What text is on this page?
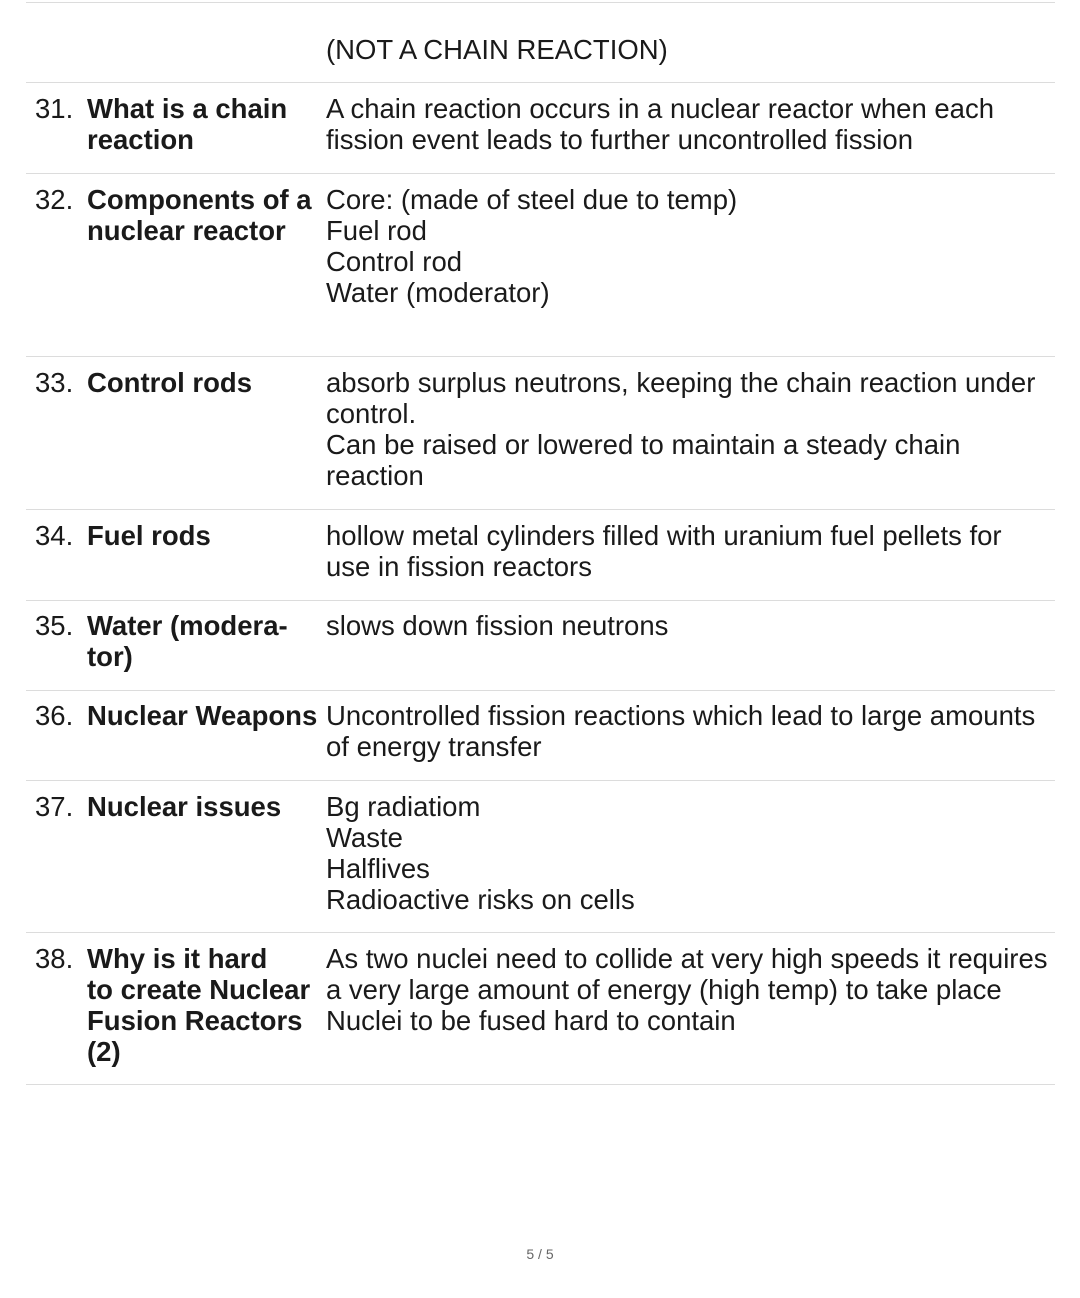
(NOT A CHAIN REACTION)
31. What is a chain
reaction
A chain reaction occurs in a nuclear reactor when each
fission event leads to further uncontrolled fission
32. Components of a
nuclear reactor
Core: (made of steel due to temp)
Fuel rod
Control rod
Water (moderator)
33. Control rods	absorb surplus neutrons, keeping the chain reaction under
control.
Can be raised or lowered to maintain a steady chain
reaction
34. Fuel rods	hollow metal cylinders filled with uranium fuel pellets for
use in fission reactors
35. Water (modera-
tor)
slows down fission neutrons
36. Nuclear Weapons Uncontrolled fission reactions which lead to large amounts
of energy transfer
37. Nuclear issues Bg radiatiom
Waste
Halflives
Radioactive risks on cells
38. Why is it hard
to create Nuclear
Fusion Reactors
(2)
As two nuclei need to collide at very high speeds it requires
a very large amount of energy (high temp) to take place
Nuclei to be fused hard to contain
5 / 5
